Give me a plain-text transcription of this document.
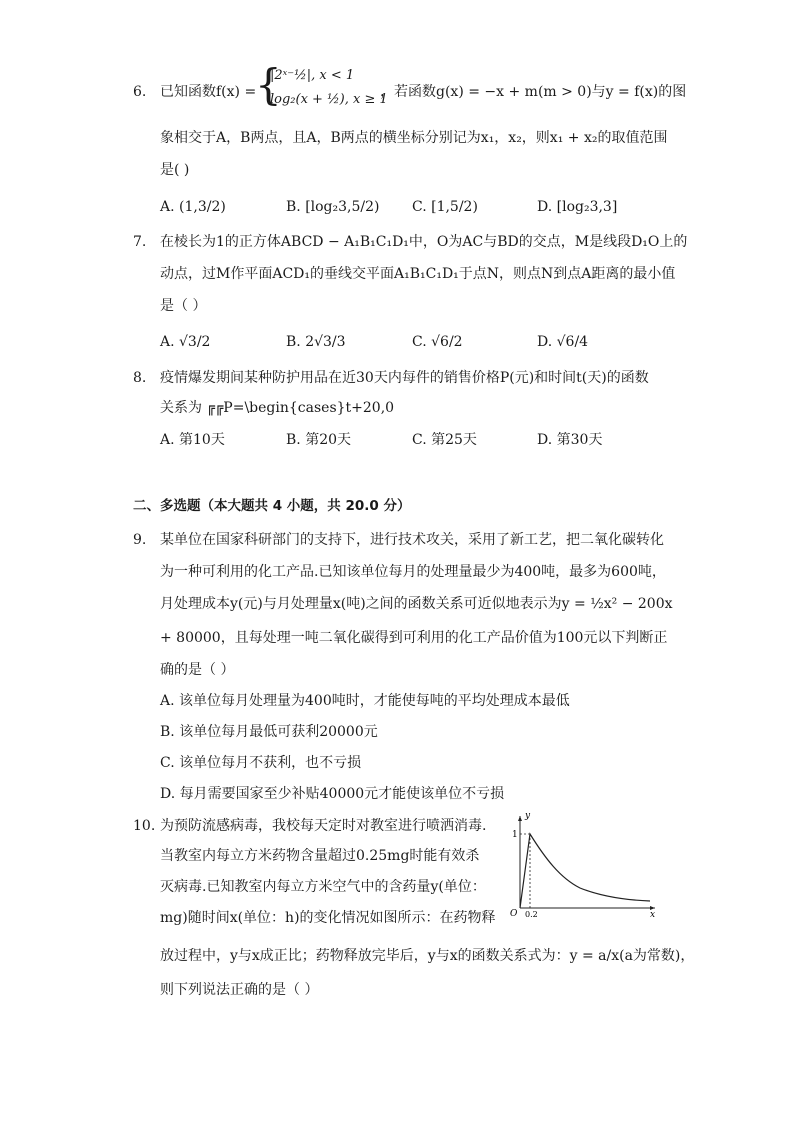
6. 已知函数f(x) =
{
|2ˣ⁻½|, x < 1
log₂(x + ½), x ≥ 1
，若函数g(x) = −x + m(m > 0)与y = f(x)的图
象相交于A，B两点，且A，B两点的横坐标分别记为x₁，x₂，则x₁ + x₂的取值范围
是( )
A. (1,3/2)	B. [log₂3,5/2) C. [1,5/2)	D. [log₂3,3]
7. 在棱长为1的正方体ABCD − A₁B₁C₁D₁中，O为AC与BD的交点，M是线段D₁O上的
动点，过M作平面ACD₁的垂线交平面A₁B₁C₁D₁于点N，则点N到点A距离的最小值
是（ ）
A. √3/2	B. 2√3/3	C. √6/2	D. √6/4
8. 疫情爆发期间某种防护用品在近30天内每件的销售价格P(元)和时间t(天)的函数
关系为 ╔╔P=\begin{cases}t+20,0
A. 第10天	B. 第20天	C. 第25天	D. 第30天
二、多选题（本大题共 4 小题，共 20.0 分）
9. 某单位在国家科研部门的支持下，进行技术攻关，采用了新工艺，把二氧化碳转化
为一种可利用的化工产品.已知该单位每月的处理量最少为400吨，最多为600吨，
月处理成本y(元)与月处理量x(吨)之间的函数关系可近似地表示为y = ½x² − 200x
+ 80000，且每处理一吨二氧化碳得到可利用的化工产品价值为100元以下判断正
确的是（ ）
A. 该单位每月处理量为400吨时，才能使每吨的平均处理成本最低
B. 该单位每月最低可获利20000元
C. 该单位每月不获利，也不亏损
D. 每月需要国家至少补贴40000元才能使该单位不亏损
10. 为预防流感病毒，我校每天定时对教室进行喷洒消毒.
当教室内每立方米药物含量超过0.25mg时能有效杀
灭病毒.已知教室内每立方米空气中的含药量y(单位：
mg)随时间x(单位：h)的变化情况如图所示：在药物释
放过程中，y与x成正比；药物释放完毕后，y与x的函数关系式为：y = a/x(a为常数)，
则下列说法正确的是（ ）
y
x
O
1
0.2
